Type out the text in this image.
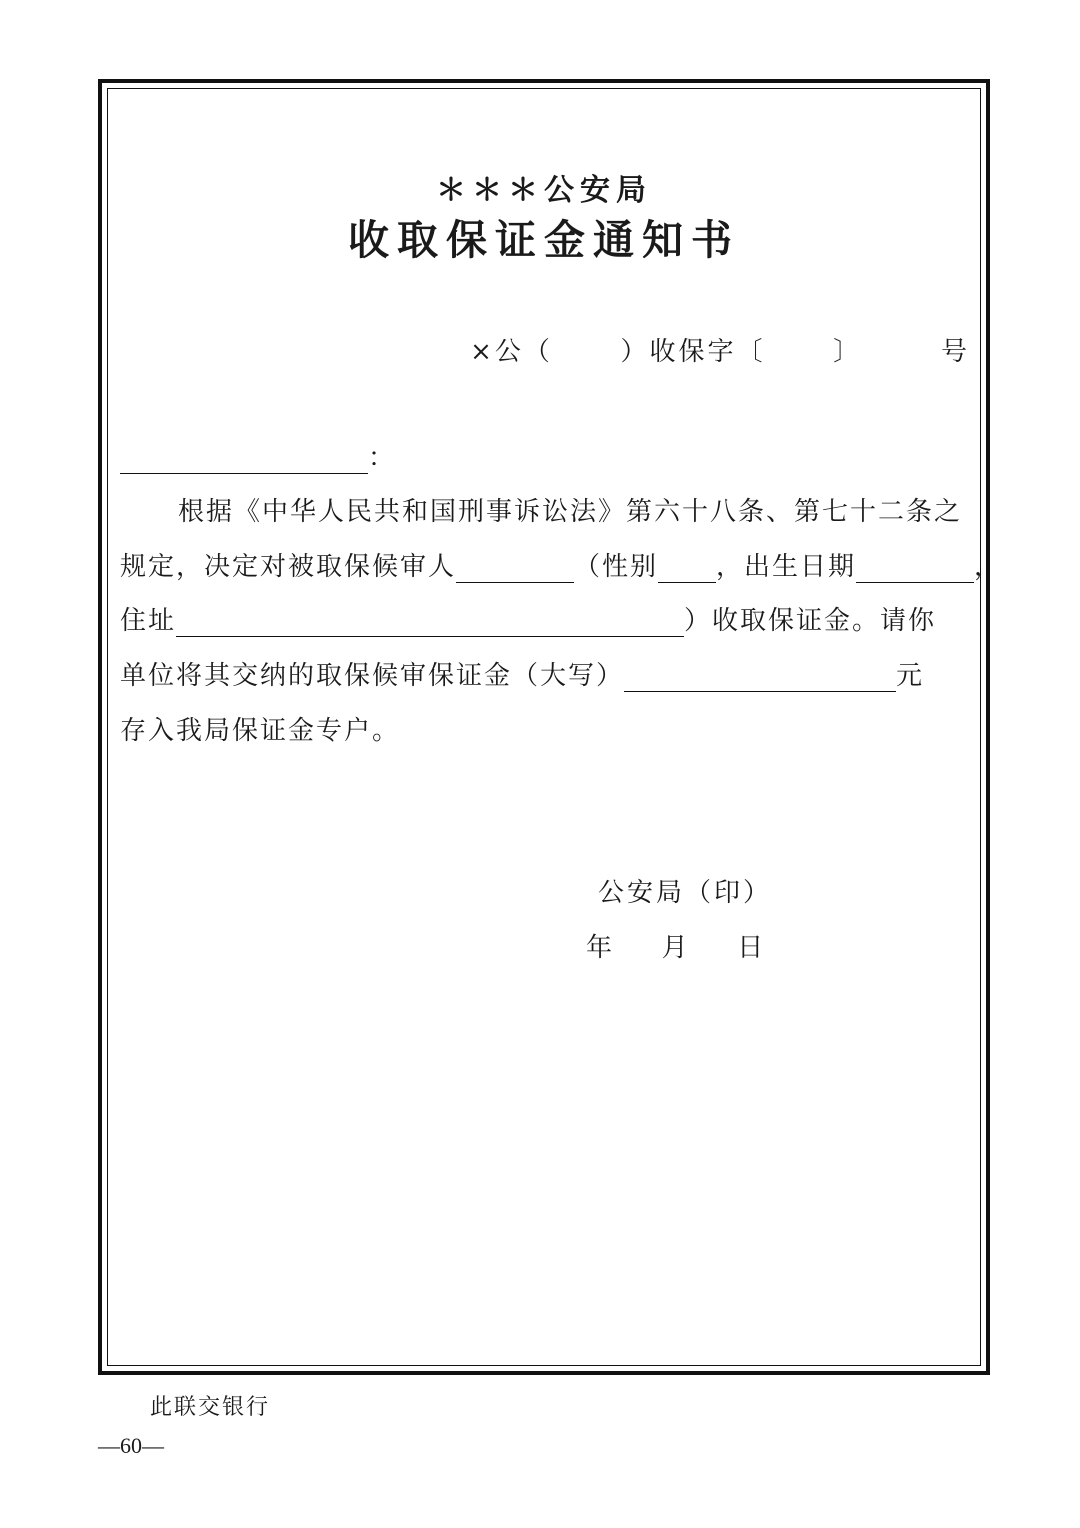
＊＊＊公安局
收取保证金通知书
×公（	）收保字〔	〕	号
：
根据《中华人民共和国刑事诉讼法》第六十八条、第七十二条之
规定，决定对被取保候审人	（性别 ，出生日期	，
住址	）收取保证金。请你
单位将其交纳的取保候审保证金（大写）	元
存入我局保证金专户。
公安局（印）
年 月 日
此联交银行
—60—
